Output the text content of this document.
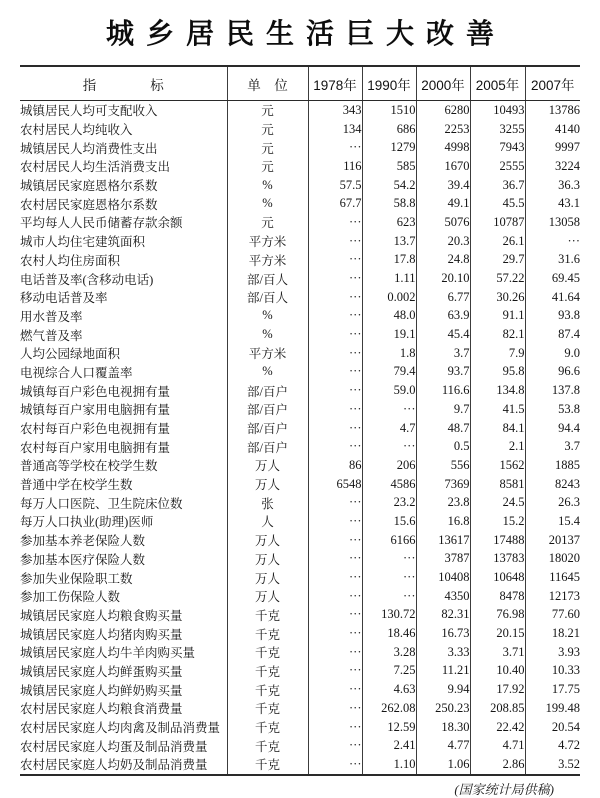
城乡居民生活巨大改善
指　　　　标	单　位	1978年	1990年	2000年	2005年	2007年
城镇居民人均可支配收入	元	343	1510	6280	10493	13786
农村居民人均纯收入	元	134	686	2253	3255	4140
城镇居民人均消费性支出	元	···	1279	4998	7943	9997
农村居民人均生活消费支出	元	116	585	1670	2555	3224
城镇居民家庭恩格尔系数	%	57.5	54.2	39.4	36.7	36.3
农村居民家庭恩格尔系数	%	67.7	58.8	49.1	45.5	43.1
平均每人人民币储蓄存款余额	元	···	623	5076	10787	13058
城市人均住宅建筑面积	平方米	···	13.7	20.3	26.1	···
农村人均住房面积	平方米	···	17.8	24.8	29.7	31.6
电话普及率(含移动电话)	部/百人	···	1.11	20.10	57.22	69.45
移动电话普及率	部/百人	···	0.002	6.77	30.26	41.64
用水普及率	%	···	48.0	63.9	91.1	93.8
燃气普及率	%	···	19.1	45.4	82.1	87.4
人均公园绿地面积	平方米	···	1.8	3.7	7.9	9.0
电视综合人口覆盖率	%	···	79.4	93.7	95.8	96.6
城镇每百户彩色电视拥有量	部/百户	···	59.0	116.6	134.8	137.8
城镇每百户家用电脑拥有量	部/百户	···	···	9.7	41.5	53.8
农村每百户彩色电视拥有量	部/百户	···	4.7	48.7	84.1	94.4
农村每百户家用电脑拥有量	部/百户	···	···	0.5	2.1	3.7
普通高等学校在校学生数	万人	86	206	556	1562	1885
普通中学在校学生数	万人	6548	4586	7369	8581	8243
每万人口医院、卫生院床位数	张	···	23.2	23.8	24.5	26.3
每万人口执业(助理)医师	人	···	15.6	16.8	15.2	15.4
参加基本养老保险人数	万人	···	6166	13617	17488	20137
参加基本医疗保险人数	万人	···	···	3787	13783	18020
参加失业保险职工数	万人	···	···	10408	10648	11645
参加工伤保险人数	万人	···	···	4350	8478	12173
城镇居民家庭人均粮食购买量	千克	···	130.72	82.31	76.98	77.60
城镇居民家庭人均猪肉购买量	千克	···	18.46	16.73	20.15	18.21
城镇居民家庭人均牛羊肉购买量	千克	···	3.28	3.33	3.71	3.93
城镇居民家庭人均鲜蛋购买量	千克	···	7.25	11.21	10.40	10.33
城镇居民家庭人均鲜奶购买量	千克	···	4.63	9.94	17.92	17.75
农村居民家庭人均粮食消费量	千克	···	262.08	250.23	208.85	199.48
农村居民家庭人均肉禽及制品消费量	千克	···	12.59	18.30	22.42	20.54
农村居民家庭人均蛋及制品消费量	千克	···	2.41	4.77	4.71	4.72
农村居民家庭人均奶及制品消费量	千克	···	1.10	1.06	2.86	3.52
(国家统计局供稿)
